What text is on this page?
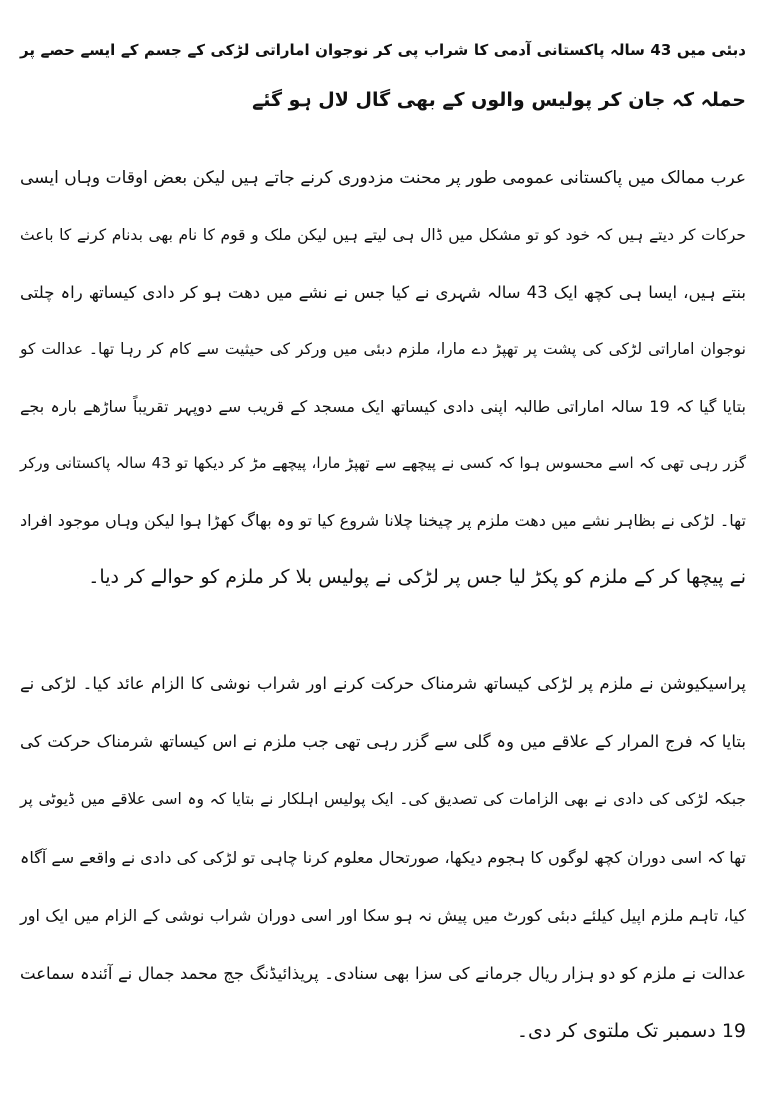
دبئی میں 43 سالہ پاکستانی آدمی کا شراب پی کر نوجوان اماراتی لڑکی کے جسم کے ایسے حصے پر
حملہ کہ جان کر پولیس والوں کے بھی گال لال ہو گئے
عرب ممالک میں پاکستانی عمومی طور پر محنت مزدوری کرنے جاتے ہیں لیکن بعض اوقات وہاں ایسی
حرکات کر دیتے ہیں کہ خود کو تو مشکل میں ڈال ہی لیتے ہیں لیکن ملک و قوم کا نام بھی بدنام کرنے کا باعث
بنتے ہیں، ایسا ہی کچھ ایک 43 سالہ شہری نے کیا جس نے نشے میں دھت ہو کر دادی کیساتھ راہ چلتی
نوجوان اماراتی لڑکی کی پشت پر تھپڑ دے مارا، ملزم دبئی میں ورکر کی حیثیت سے کام کر رہا تھا۔ عدالت کو
بتایا گیا کہ 19 سالہ اماراتی طالبہ اپنی دادی کیساتھ ایک مسجد کے قریب سے دوپہر تقریباً ساڑھے بارہ بجے
گزر رہی تھی کہ اسے محسوس ہوا کہ کسی نے پیچھے سے تھپڑ مارا، پیچھے مڑ کر دیکھا تو 43 سالہ پاکستانی ورکر
تھا۔ لڑکی نے بظاہر نشے میں دھت ملزم پر چیخنا چلانا شروع کیا تو وہ بھاگ کھڑا ہوا لیکن وہاں موجود افراد
نے پیچھا کر کے ملزم کو پکڑ لیا جس پر لڑکی نے پولیس بلا کر ملزم کو حوالے کر دیا۔
پراسیکیوشن نے ملزم پر لڑکی کیساتھ شرمناک حرکت کرنے اور شراب نوشی کا الزام عائد کیا۔ لڑکی نے
بتایا کہ فرج المرار کے علاقے میں وہ گلی سے گزر رہی تھی جب ملزم نے اس کیساتھ شرمناک حرکت کی
جبکہ لڑکی کی دادی نے بھی الزامات کی تصدیق کی۔ ایک پولیس اہلکار نے بتایا کہ وہ اسی علاقے میں ڈیوٹی پر
تھا کہ اسی دوران کچھ لوگوں کا ہجوم دیکھا، صورتحال معلوم کرنا چاہی تو لڑکی کی دادی نے واقعے سے آگاہ
کیا، تاہم ملزم اپیل کیلئے دبئی کورٹ میں پیش نہ ہو سکا اور اسی دوران شراب نوشی کے الزام میں ایک اور
عدالت نے ملزم کو دو ہزار ریال جرمانے کی سزا بھی سنادی۔ پریذائیڈنگ جج محمد جمال نے آئندہ سماعت
19 دسمبر تک ملتوی کر دی۔
